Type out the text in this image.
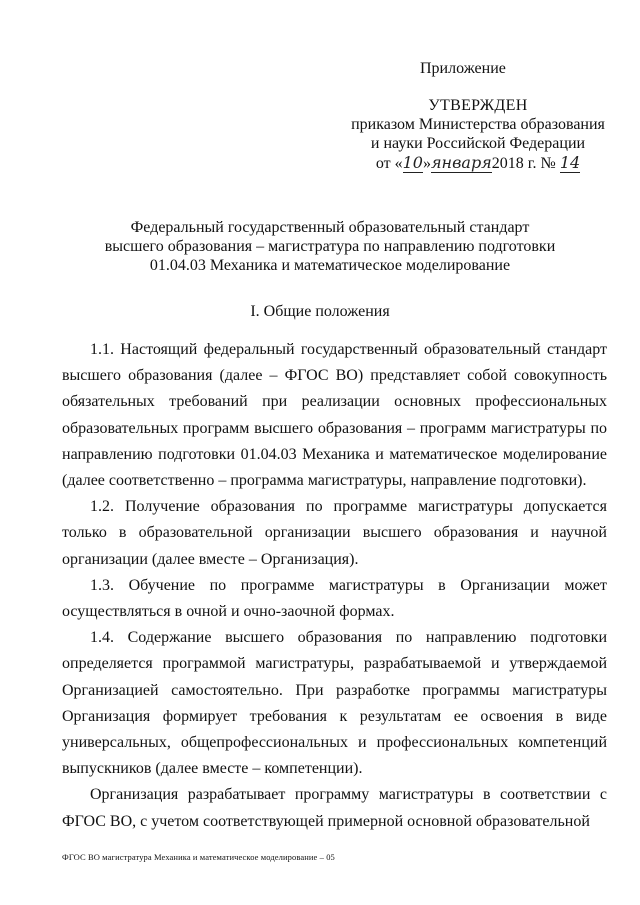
Приложение
УТВЕРЖДЕН
приказом Министерства образования
и науки Российской Федерации
от «10»января2018 г. № 14
Федеральный государственный образовательный стандарт
высшего образования – магистратура по направлению подготовки
01.04.03 Механика и математическое моделирование
I. Общие положения

1.1. Настоящий федеральный государственный образовательный стандарт высшего образования (далее – ФГОС ВО) представляет собой совокупность обязательных требований при реализации основных профессиональных образовательных программ высшего образования – программ магистратуры по направлению подготовки 01.04.03 Механика и математическое моделирование (далее соответственно – программа магистратуры, направление подготовки).

1.2. Получение образования по программе магистратуры допускается только в образовательной организации высшего образования и научной организации (далее вместе – Организация).

1.3. Обучение по программе магистратуры в Организации может осуществляться в очной и очно-заочной формах.

1.4. Содержание высшего образования по направлению подготовки определяется программой магистратуры, разрабатываемой и утверждаемой Организацией самостоятельно. При разработке программы магистратуры Организация формирует требования к результатам ее освоения в виде универсальных, общепрофессиональных и профессиональных компетенций выпускников (далее вместе – компетенции).

Организация разрабатывает программу магистратуры в соответствии с ФГОС ВО, с учетом соответствующей примерной основной образовательной

ФГОС ВО магистратура Механика и математическое моделирование – 05
